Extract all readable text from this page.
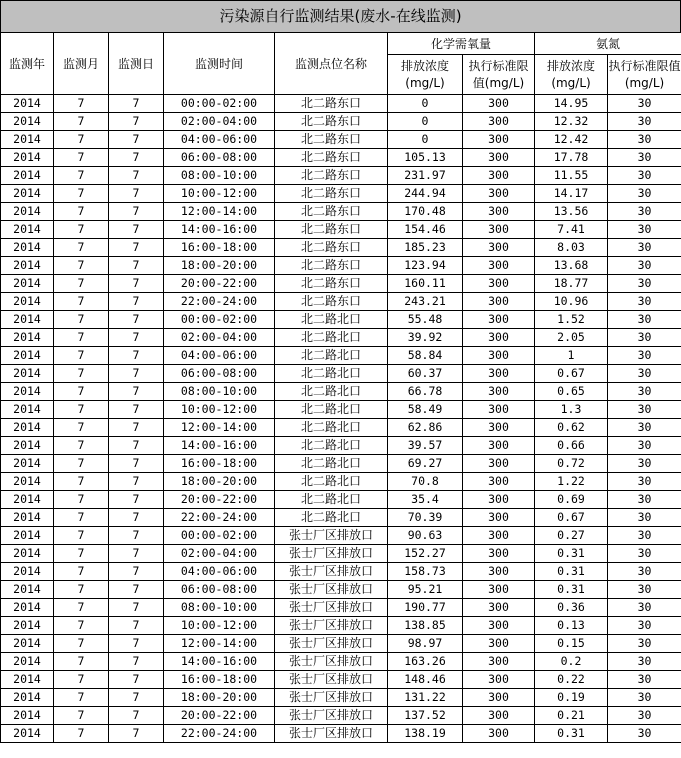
污染源自行监测结果(废水-在线监测)
监测年	监测月	监测日	监测时间	监测点位名称	化学需氧量		氨氮	
					排放浓度(mg/L)	执行标准限值(mg/L)	排放浓度(mg/L)	执行标准限值(mg/L)
2014	7	7	00:00-02:00	北二路东口	0	300	14.95	30
2014	7	7	02:00-04:00	北二路东口	0	300	12.32	30
2014	7	7	04:00-06:00	北二路东口	0	300	12.42	30
2014	7	7	06:00-08:00	北二路东口	105.13	300	17.78	30
2014	7	7	08:00-10:00	北二路东口	231.97	300	11.55	30
2014	7	7	10:00-12:00	北二路东口	244.94	300	14.17	30
2014	7	7	12:00-14:00	北二路东口	170.48	300	13.56	30
2014	7	7	14:00-16:00	北二路东口	154.46	300	7.41	30
2014	7	7	16:00-18:00	北二路东口	185.23	300	8.03	30
2014	7	7	18:00-20:00	北二路东口	123.94	300	13.68	30
2014	7	7	20:00-22:00	北二路东口	160.11	300	18.77	30
2014	7	7	22:00-24:00	北二路东口	243.21	300	10.96	30
2014	7	7	00:00-02:00	北二路北口	55.48	300	1.52	30
2014	7	7	02:00-04:00	北二路北口	39.92	300	2.05	30
2014	7	7	04:00-06:00	北二路北口	58.84	300	1	30
2014	7	7	06:00-08:00	北二路北口	60.37	300	0.67	30
2014	7	7	08:00-10:00	北二路北口	66.78	300	0.65	30
2014	7	7	10:00-12:00	北二路北口	58.49	300	1.3	30
2014	7	7	12:00-14:00	北二路北口	62.86	300	0.62	30
2014	7	7	14:00-16:00	北二路北口	39.57	300	0.66	30
2014	7	7	16:00-18:00	北二路北口	69.27	300	0.72	30
2014	7	7	18:00-20:00	北二路北口	70.8	300	1.22	30
2014	7	7	20:00-22:00	北二路北口	35.4	300	0.69	30
2014	7	7	22:00-24:00	北二路北口	70.39	300	0.67	30
2014	7	7	00:00-02:00	张士厂区排放口	90.63	300	0.27	30
2014	7	7	02:00-04:00	张士厂区排放口	152.27	300	0.31	30
2014	7	7	04:00-06:00	张士厂区排放口	158.73	300	0.31	30
2014	7	7	06:00-08:00	张士厂区排放口	95.21	300	0.31	30
2014	7	7	08:00-10:00	张士厂区排放口	190.77	300	0.36	30
2014	7	7	10:00-12:00	张士厂区排放口	138.85	300	0.13	30
2014	7	7	12:00-14:00	张士厂区排放口	98.97	300	0.15	30
2014	7	7	14:00-16:00	张士厂区排放口	163.26	300	0.2	30
2014	7	7	16:00-18:00	张士厂区排放口	148.46	300	0.22	30
2014	7	7	18:00-20:00	张士厂区排放口	131.22	300	0.19	30
2014	7	7	20:00-22:00	张士厂区排放口	137.52	300	0.21	30
2014	7	7	22:00-24:00	张士厂区排放口	138.19	300	0.31	30
